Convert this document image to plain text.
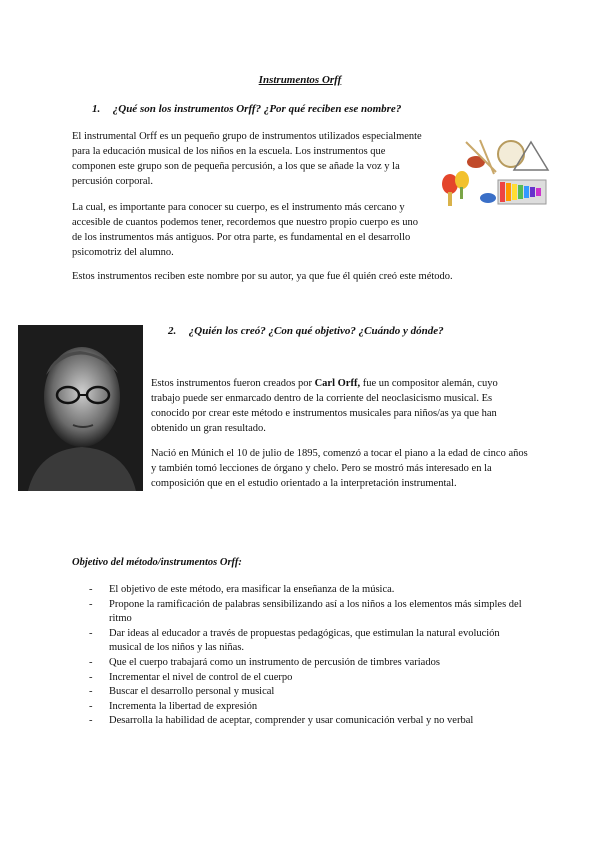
Instrumentos Orff
1. ¿Qué son los instrumentos Orff? ¿Por qué reciben ese nombre?

El instrumental Orff es un pequeño grupo de instrumentos utilizados especialmente para la educación musical de los niños en la escuela. Los instrumentos que componen este grupo son de pequeña percusión, a los que se añade la voz y la percusión corporal.

La cual, es importante para conocer su cuerpo, es el instrumento más cercano y accesible de cuantos podemos tener, recordemos que nuestro propio cuerpo es uno de los instrumentos más antiguos. Por otra parte, es fundamental en el desarrollo psicomotriz del alumno.

Estos instrumentos reciben este nombre por su autor, ya que fue él quién creó este método.

2. ¿Quién los creó? ¿Con qué objetivo? ¿Cuándo y dónde?

Estos instrumentos fueron creados por Carl Orff, fue un compositor alemán, cuyo trabajo puede ser enmarcado dentro de la corriente del neoclasicismo musical. Es conocido por crear este método e instrumentos musicales para niños/as ya que han obtenido un gran resultado.

Nació en Múnich el 10 de julio de 1895, comenzó a tocar el piano a la edad de cinco años y también tomó lecciones de órgano y chelo. Pero se mostró más interesado en la composición que en el estudio orientado a la interpretación instrumental.

Objetivo del método/instrumentos Orff:
- El objetivo de este método, era masificar la enseñanza de la música.
- Propone la ramificación de palabras sensibilizando así a los niños a los elementos más simples del ritmo
- Dar ideas al educador a través de propuestas pedagógicas, que estimulan la natural evolución musical de los niños y las niñas.
- Que el cuerpo trabajará como un instrumento de percusión de timbres variados
- Incrementar el nivel de control de el cuerpo
- Buscar el desarrollo personal y musical
- Incrementa la libertad de expresión
- Desarrolla la habilidad de aceptar, comprender y usar comunicación verbal y no verbal
